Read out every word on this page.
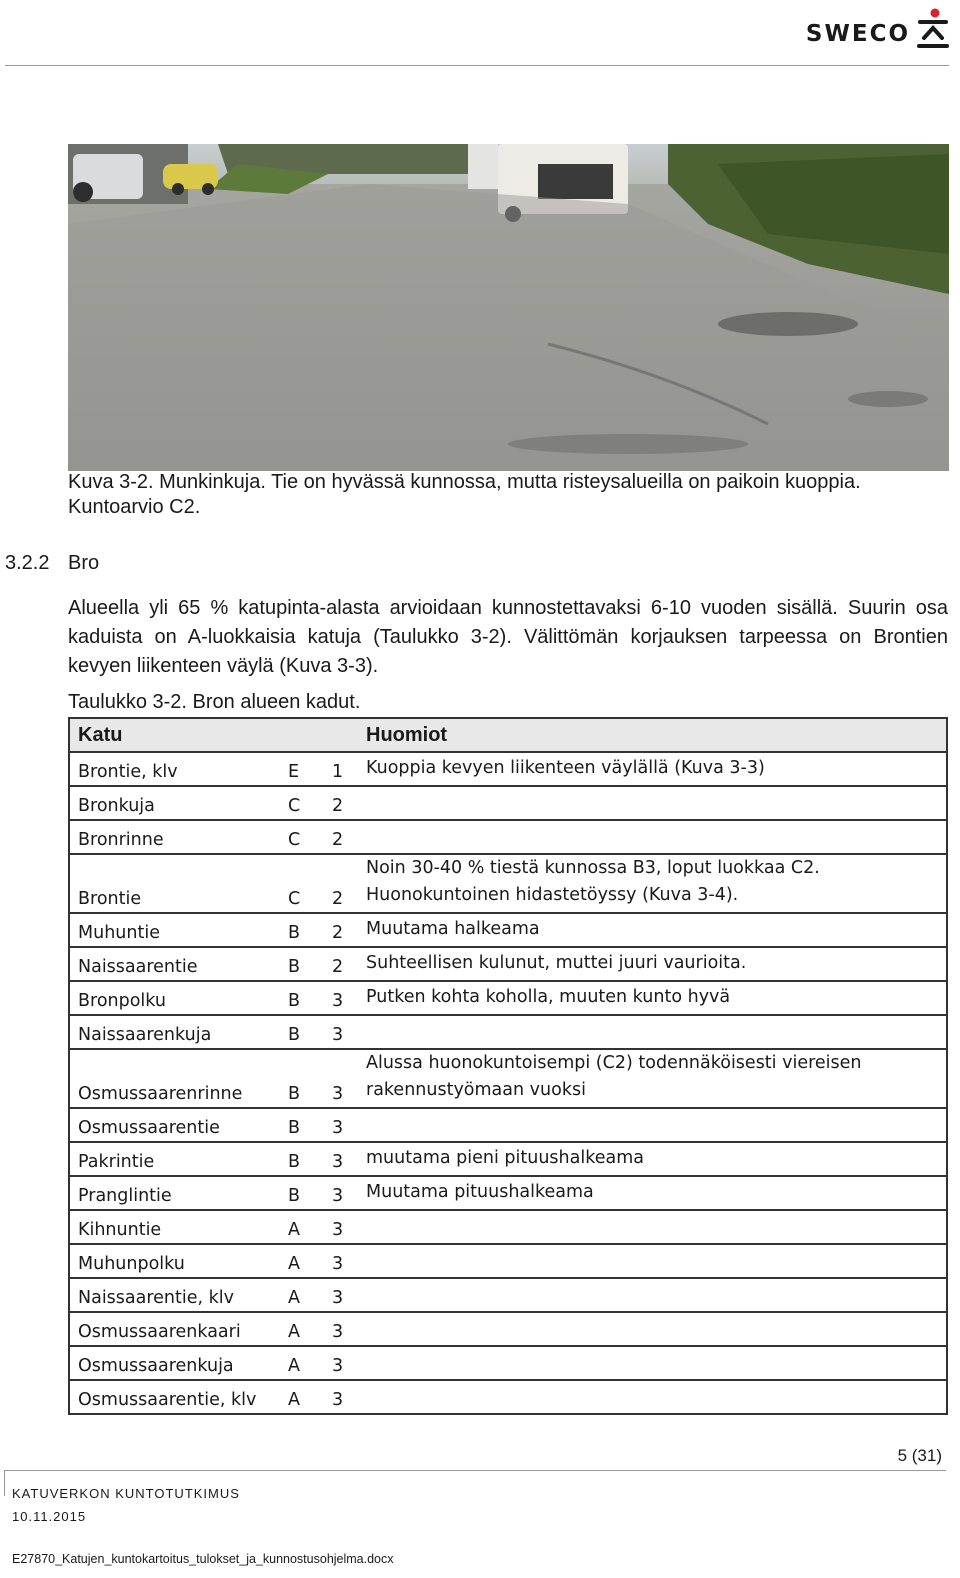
SWECO
Kuva 3-2. Munkinkuja. Tie on hyvässä kunnossa, mutta risteysalueilla on paikoin kuoppia. Kuntoarvio C2.
3.2.2 Bro
Alueella yli 65 % katupinta-alasta arvioidaan kunnostettavaksi 6-10 vuoden sisällä. Suurin osa kaduista on A-luokkaisia katuja (Taulukko 3-2). Välittömän korjauksen tarpeessa on Brontien kevyen liikenteen väylä (Kuva 3-3).
Taulukko 3-2. Bron alueen kadut.
Katu			Huomiot
Brontie, klv	E	1	Kuoppia kevyen liikenteen väylällä (Kuva 3-3)
Bronkuja	C	2	
Bronrinne	C	2	
Brontie	C	2	Noin 30-40 % tiestä kunnossa B3, loput luokkaa C2. Huonokuntoinen hidastetöyssy (Kuva 3-4).
Muhuntie	B	2	Muutama halkeama
Naissaarentie	B	2	Suhteellisen kulunut, muttei juuri vaurioita.
Bronpolku	B	3	Putken kohta koholla, muuten kunto hyvä
Naissaarenkuja	B	3	
Osmussaarenrinne	B	3	Alussa huonokuntoisempi (C2) todennäköisesti viereisen rakennustyömaan vuoksi
Osmussaarentie	B	3	
Pakrintie	B	3	muutama pieni pituushalkeama
Pranglintie	B	3	Muutama pituushalkeama
Kihnuntie	A	3	
Muhunpolku	A	3	
Naissaarentie, klv	A	3	
Osmussaarenkaari	A	3	
Osmussaarenkuja	A	3	
Osmussaarentie, klv	A	3	
5 (31)
KATUVERKON KUNTOTUTKIMUS
10.11.2015
E27870_Katujen_kuntokartoitus_tulokset_ja_kunnostusohjelma.docx
